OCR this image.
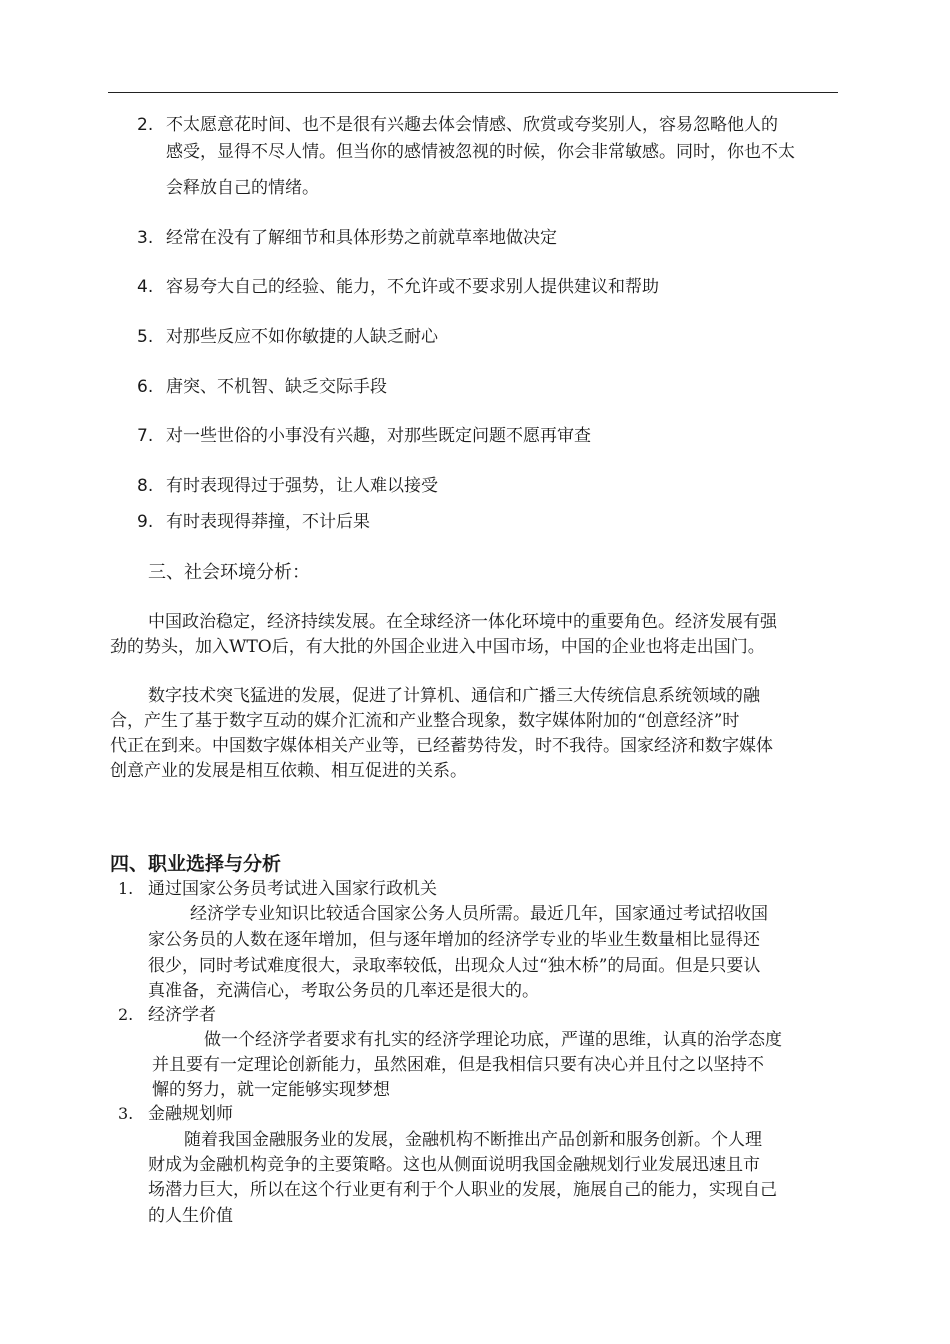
2. 不太愿意花时间、也不是很有兴趣去体会情感、欣赏或夸奖别人，容易忽略他人的
感受，显得不尽人情。但当你的感情被忽视的时候，你会非常敏感。同时，你也不太
会释放自己的情绪。
3. 经常在没有了解细节和具体形势之前就草率地做决定
4. 容易夸大自己的经验、能力，不允许或不要求别人提供建议和帮助
5. 对那些反应不如你敏捷的人缺乏耐心
6. 唐突、不机智、缺乏交际手段
7. 对一些世俗的小事没有兴趣，对那些既定问题不愿再审查
8. 有时表现得过于强势，让人难以接受
9. 有时表现得莽撞，不计后果
三、社会环境分析：
中国政治稳定，经济持续发展。在全球经济一体化环境中的重要角色。经济发展有强
劲的势头，加入WTO后，有大批的外国企业进入中国市场，中国的企业也将走出国门。
数字技术突飞猛进的发展，促进了计算机、通信和广播三大传统信息系统领域的融
合，产生了基于数字互动的媒介汇流和产业整合现象，数字媒体附加的“创意经济”时
代正在到来。中国数字媒体相关产业等，已经蓄势待发，时不我待。国家经济和数字媒体
创意产业的发展是相互依赖、相互促进的关系。
四、职业选择与分析
1. 通过国家公务员考试进入国家行政机关
经济学专业知识比较适合国家公务人员所需。最近几年，国家通过考试招收国
家公务员的人数在逐年增加，但与逐年增加的经济学专业的毕业生数量相比显得还
很少，同时考试难度很大，录取率较低，出现众人过“独木桥”的局面。但是只要认
真准备，充满信心，考取公务员的几率还是很大的。
2. 经济学者
做一个经济学者要求有扎实的经济学理论功底，严谨的思维，认真的治学态度
并且要有一定理论创新能力，虽然困难，但是我相信只要有决心并且付之以坚持不
懈的努力，就一定能够实现梦想
3. 金融规划师
随着我国金融服务业的发展，金融机构不断推出产品创新和服务创新。个人理
财成为金融机构竞争的主要策略。这也从侧面说明我国金融规划行业发展迅速且市
场潜力巨大，所以在这个行业更有利于个人职业的发展，施展自己的能力，实现自己
的人生价值
